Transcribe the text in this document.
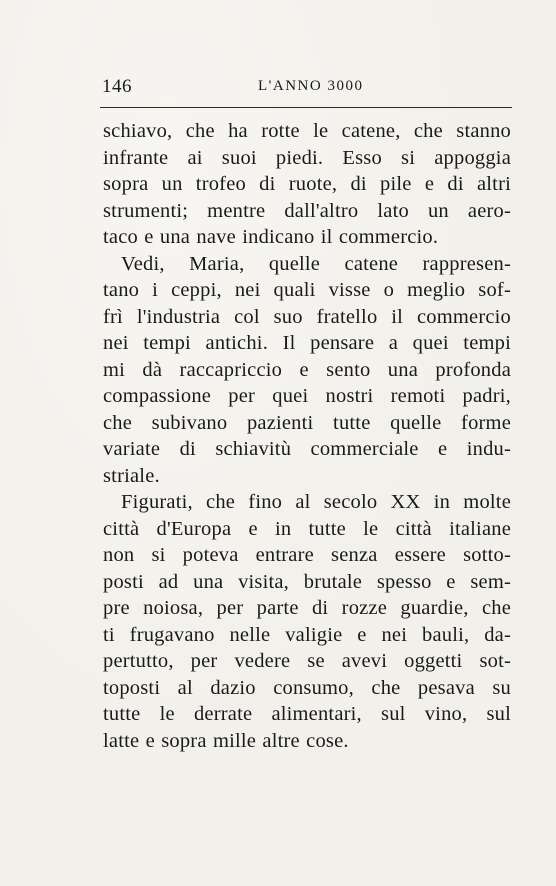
146	L'ANNO 3000
schiavo, che ha rotte le catene, che stanno
infrante ai suoi piedi. Esso si appoggia
sopra un trofeo di ruote, di pile e di altri
strumenti; mentre dall'altro lato un aero-
taco e una nave indicano il commercio.
Vedi, Maria, quelle catene rappresen-
tano i ceppi, nei quali visse o meglio sof-
frì l'industria col suo fratello il commercio
nei tempi antichi. Il pensare a quei tempi
mi dà raccapriccio e sento una profonda
compassione per quei nostri remoti padri,
che subivano pazienti tutte quelle forme
variate di schiavitù commerciale e indu-
striale.
Figurati, che fino al secolo XX in molte
città d'Europa e in tutte le città italiane
non si poteva entrare senza essere sotto-
posti ad una visita, brutale spesso e sem-
pre noiosa, per parte di rozze guardie, che
ti frugavano nelle valigie e nei bauli, da-
pertutto, per vedere se avevi oggetti sot-
toposti al dazio consumo, che pesava su
tutte le derrate alimentari, sul vino, sul
latte e sopra mille altre cose.
